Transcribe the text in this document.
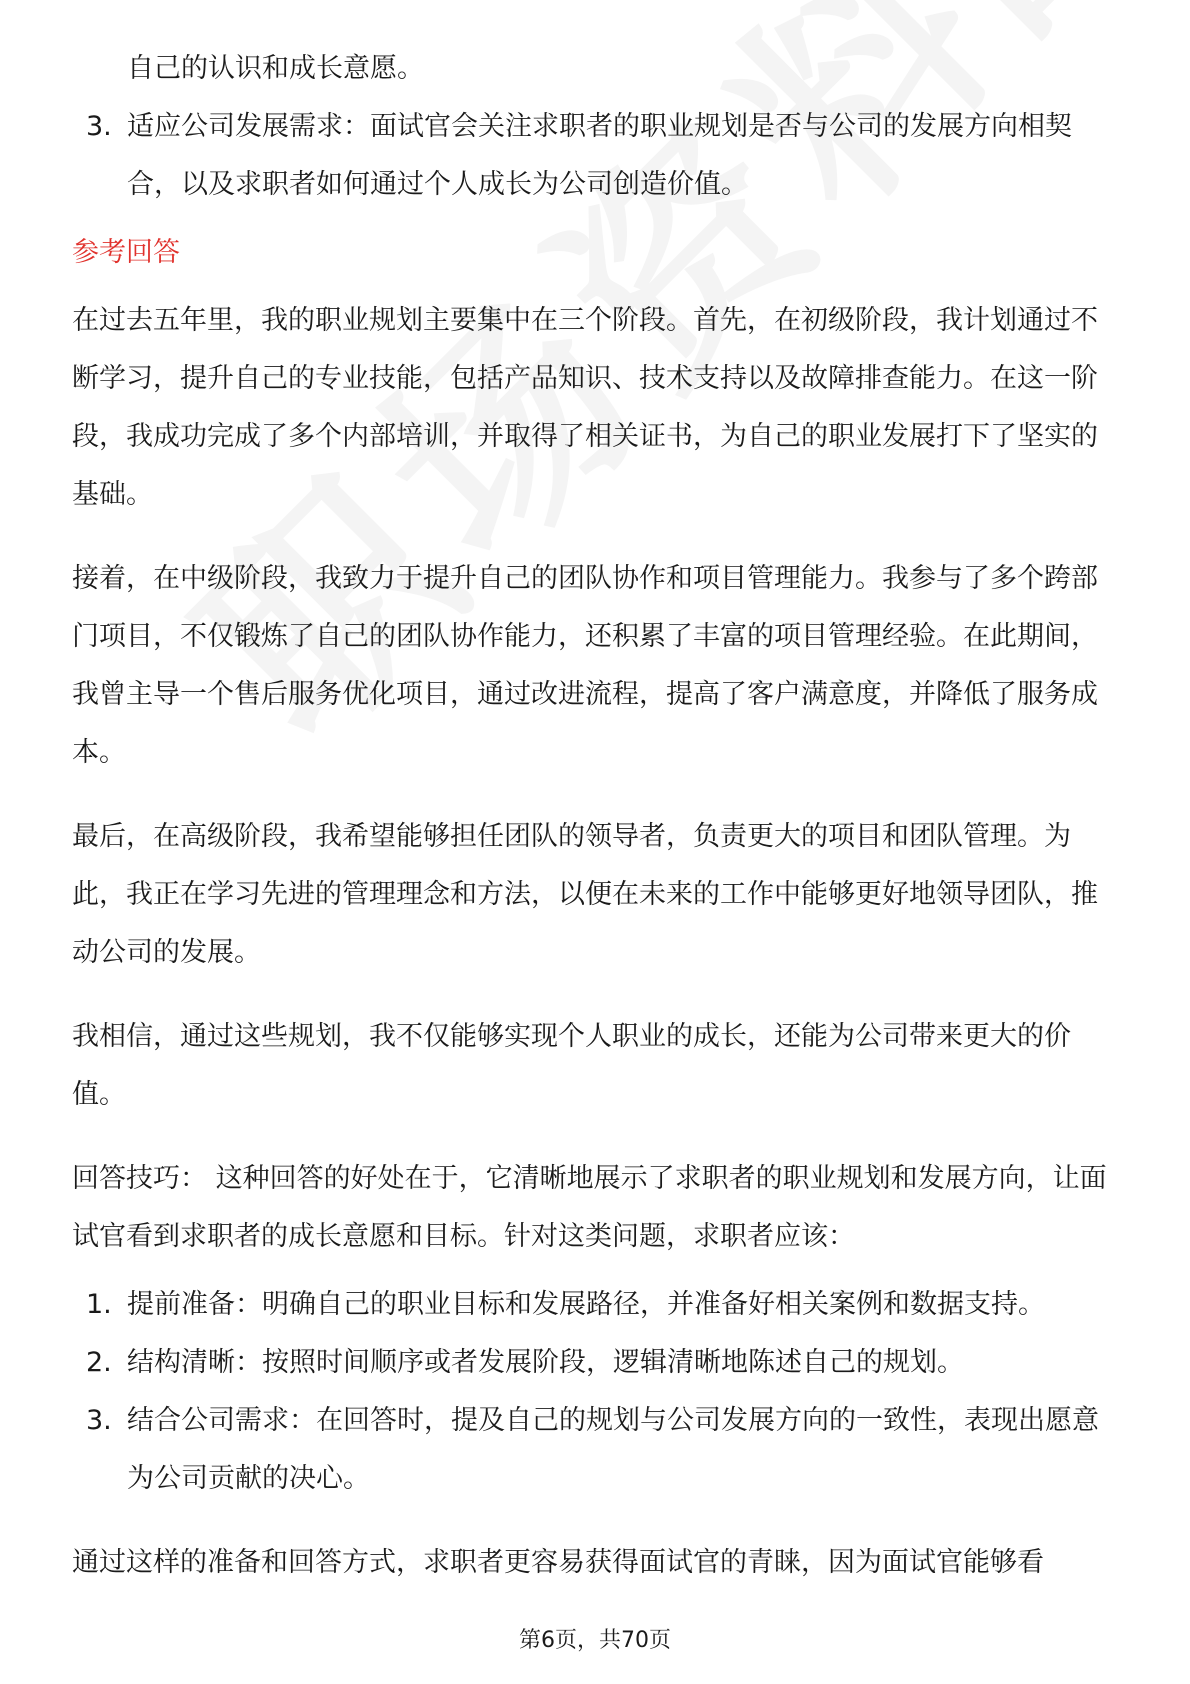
自己的认识和成长意愿。
3. 适应公司发展需求：面试官会关注求职者的职业规划是否与公司的发展方向相契合，以及求职者如何通过个人成长为公司创造价值。

参考回答

在过去五年里，我的职业规划主要集中在三个阶段。首先，在初级阶段，我计划通过不断学习，提升自己的专业技能，包括产品知识、技术支持以及故障排查能力。在这一阶段，我成功完成了多个内部培训，并取得了相关证书，为自己的职业发展打下了坚实的基础。

接着，在中级阶段，我致力于提升自己的团队协作和项目管理能力。我参与了多个跨部门项目，不仅锻炼了自己的团队协作能力，还积累了丰富的项目管理经验。在此期间，我曾主导一个售后服务优化项目，通过改进流程，提高了客户满意度，并降低了服务成本。

最后，在高级阶段，我希望能够担任团队的领导者，负责更大的项目和团队管理。为此，我正在学习先进的管理理念和方法，以便在未来的工作中能够更好地领导团队，推动公司的发展。

我相信，通过这些规划，我不仅能够实现个人职业的成长，还能为公司带来更大的价值。

回答技巧： 这种回答的好处在于，它清晰地展示了求职者的职业规划和发展方向，让面试官看到求职者的成长意愿和目标。针对这类问题，求职者应该：

1. 提前准备：明确自己的职业目标和发展路径，并准备好相关案例和数据支持。
2. 结构清晰：按照时间顺序或者发展阶段，逻辑清晰地陈述自己的规划。
3. 结合公司需求：在回答时，提及自己的规划与公司发展方向的一致性，表现出愿意为公司贡献的决心。

通过这样的准备和回答方式，求职者更容易获得面试官的青睐，因为面试官能够看

第6页，共70页
